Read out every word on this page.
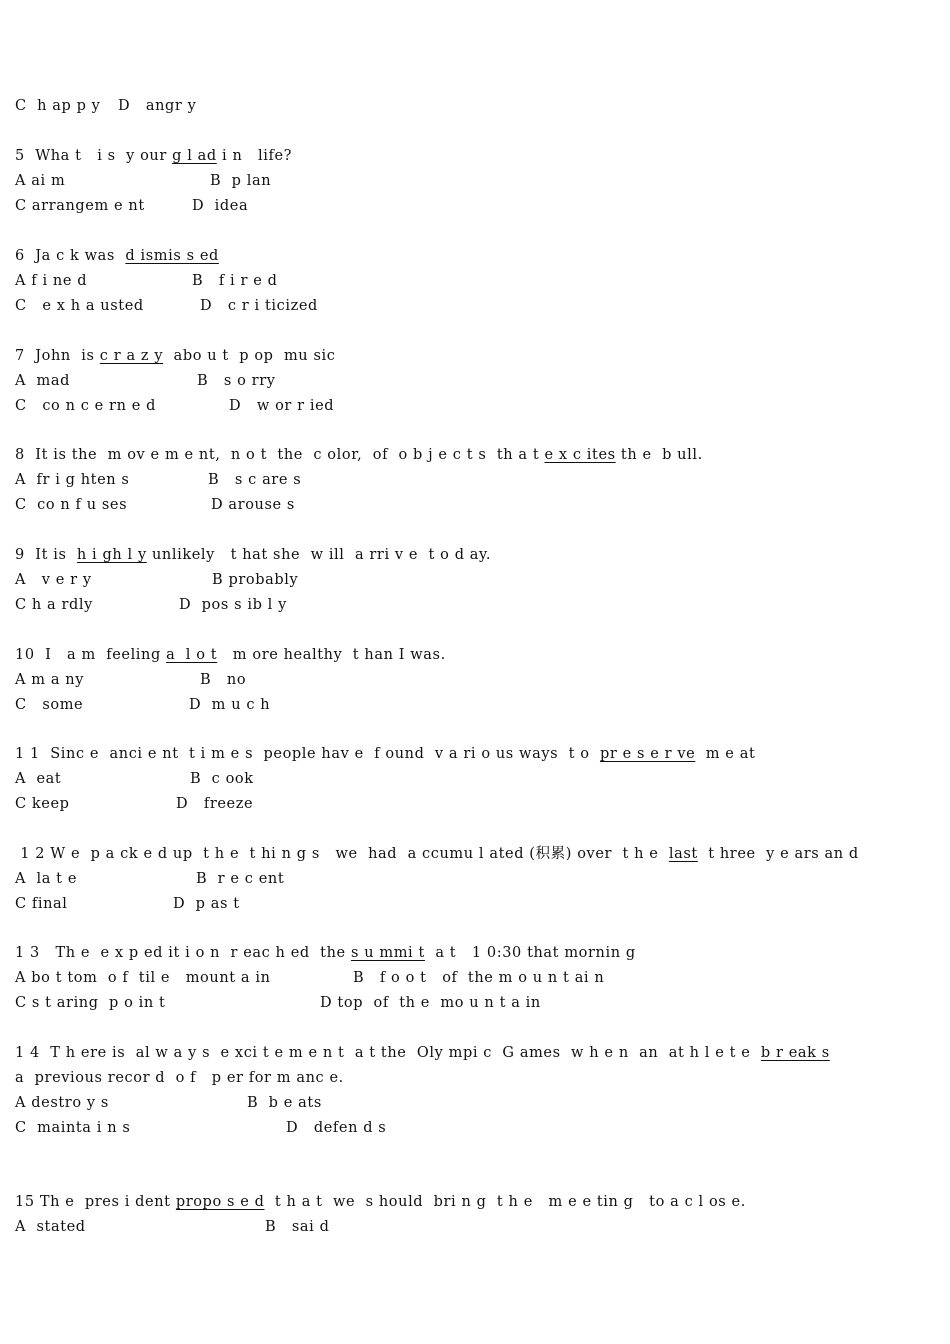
C  h ap p y D   angr y
5  Wha t   i s  y our g l ad i n   life?
A ai m	B  p lan
C arrangem e nt	D  idea
6  Ja c k was  d ismis s ed
A f i ne d	B   f i r e d
C   e x h a usted	D   c r i ticized
7  John  is c r a z y  abo u t  p op  mu sic
A  mad	B   s o rry
C   co n c e rn e d	D   w or r ied
8  It is the  m ov e m e nt,  n o t  the  c olor,  of  o b j e c t s  th a t e x c ites th e  b ull.
A  fr i g hten s	B   s c are s
C  co n f u ses	D arouse s
9  It is  h i gh l y unlikely   t hat she  w ill  a rri v e  t o d ay.
A   v e r y	B probably
C h a rdly	D  pos s ib l y
10  I   a m  feeling a  l o t   m ore healthy  t han I was.
A m a ny	B   no
C   some	D  m u c h
1 1  Sinc e  anci e nt  t i m e s  people hav e  f ound  v a ri o us ways  t o  pr e s e r ve  m e at
A  eat	B  c ook
C keep	D   freeze
1 2 W e  p a ck e d up  t h e  t hi n g s   we  had  a ccumu l ated (积累) over  t h e  last  t hree  y e ars an d
A  la t e	B  r e c ent
C final	D  p as t
1 3   Th e  e x p ed it i o n  r eac h ed  the s u mmi t  a t   1 0:30 that mornin g
A bo t tom  o f  til e   mount a in	B   f o o t   of  the m o u n t ai n
C s t aring  p o in t	D top  of  th e  mo u n t a in
1 4  T h ere is  al w a y s  e xci t e m e n t  a t the  Oly mpi c  G ames  w h e n  an  at h l e t e  b r eak s
a  previous recor d  o f   p er for m anc e.
A destro y s	B  b e ats
C  mainta i n s	D   defen d s
15 Th e  pres i dent propo s e d  t h a t  we  s hould  bri n g  t h e   m e e tin g   to a c l os e.
A  stated	B   sai d
